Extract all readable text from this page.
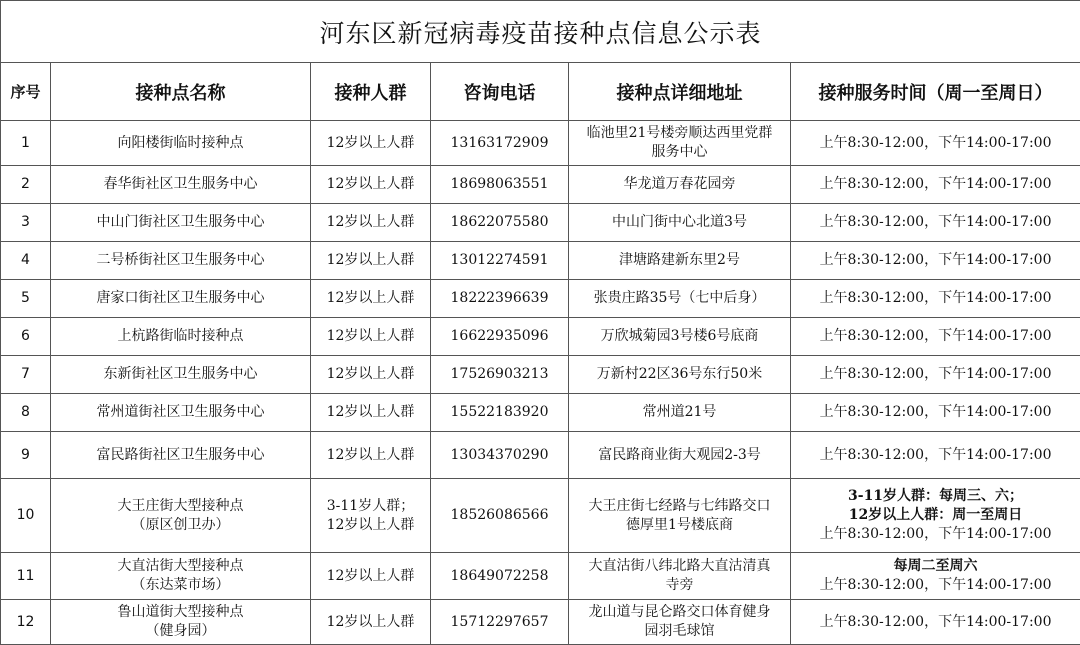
河东区新冠病毒疫苗接种点信息公示表					
序号	接种点名称	接种人群	咨询电话	接种点详细地址	接种服务时间（周一至周日）
1	向阳楼街临时接种点	12岁以上人群	13163172909	临池里21号楼旁顺达西里党群
服务中心	上午8:30-12:00，下午14:00-17:00

2	春华街社区卫生服务中心	12岁以上人群	18698063551	华龙道万春花园旁	上午8:30-12:00，下午14:00-17:00

3	中山门街社区卫生服务中心	12岁以上人群	18622075580	中山门街中心北道3号	上午8:30-12:00，下午14:00-17:00

4	二号桥街社区卫生服务中心	12岁以上人群	13012274591	津塘路建新东里2号	上午8:30-12:00，下午14:00-17:00

5	唐家口街社区卫生服务中心	12岁以上人群	18222396639	张贵庄路35号（七中后身）	上午8:30-12:00，下午14:00-17:00

6	上杭路街临时接种点	12岁以上人群	16622935096	万欣城菊园3号楼6号底商	上午8:30-12:00，下午14:00-17:00

7	东新街社区卫生服务中心	12岁以上人群	17526903213	万新村22区36号东行50米	上午8:30-12:00，下午14:00-17:00

8	常州道街社区卫生服务中心	12岁以上人群	15522183920	常州道21号	上午8:30-12:00，下午14:00-17:00

9	富民路街社区卫生服务中心	12岁以上人群	13034370290	富民路商业街大观园2-3号	上午8:30-12:00，下午14:00-17:00

10	大王庄街大型接种点
（原区创卫办）	3-11岁人群；
12岁以上人群	18526086566	大王庄街七经路与七纬路交口
德厚里1号楼底商	3-11岁人群：每周三、六；
12岁以上人群：周一至周日
上午8:30-12:00，下午14:00-17:00

11	大直沽街大型接种点
（东达菜市场）	12岁以上人群	18649072258	大直沽街八纬北路大直沽清真
寺旁	每周二至周六
上午8:30-12:00，下午14:00-17:00

12	鲁山道街大型接种点
（健身园）	12岁以上人群	15712297657	龙山道与昆仑路交口体育健身
园羽毛球馆	上午8:30-12:00，下午14:00-17:00
